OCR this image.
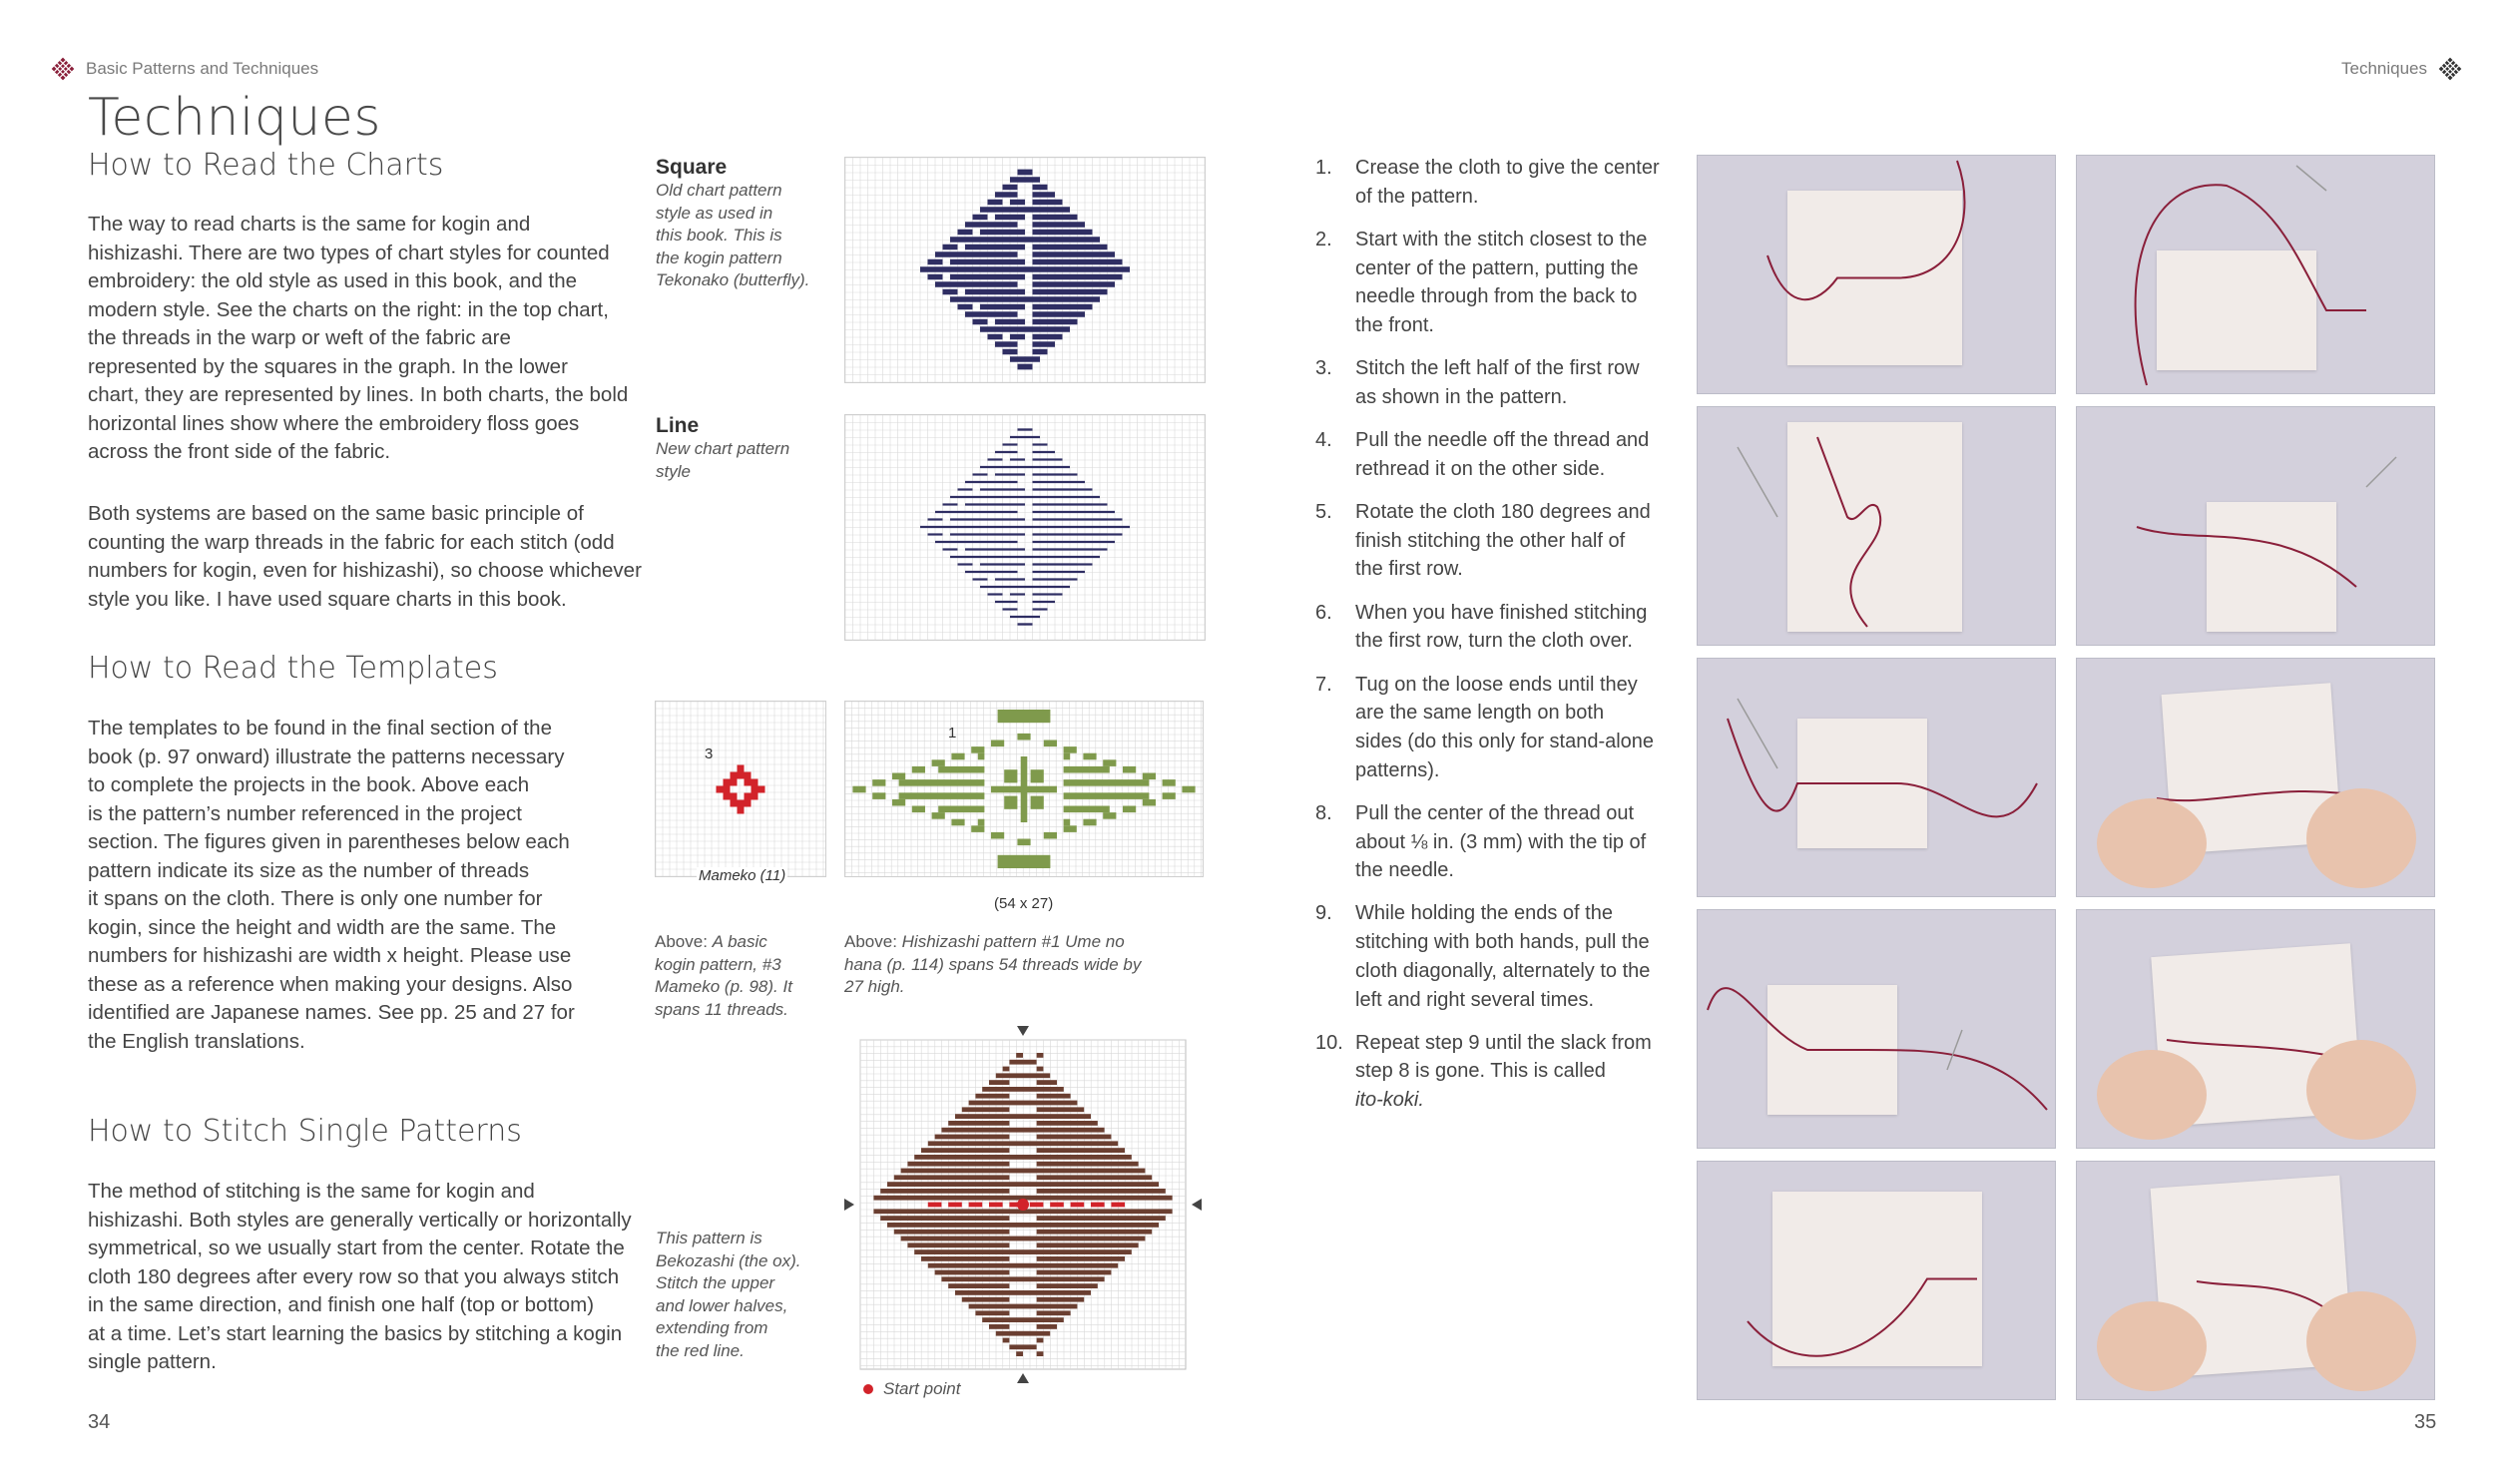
Basic Patterns and Techniques	Techniques
Techniques
How to Read the Charts
The way to read charts is the same for kogin and
hishizashi. There are two types of chart styles for counted
embroidery: the old style as used in this book, and the
modern style. See the charts on the right: in the top chart,
the threads in the warp or weft of the fabric are
represented by the squares in the graph. In the lower
chart, they are represented by lines. In both charts, the bold
horizontal lines show where the embroidery floss goes
across the front side of the fabric.
Both systems are based on the same basic principle of
counting the warp threads in the fabric for each stitch (odd
numbers for kogin, even for hishizashi), so choose whichever
style you like. I have used square charts in this book.
How to Read the Templates
The templates to be found in the final section of the
book (p. 97 onward) illustrate the patterns necessary
to complete the projects in the book. Above each
is the pattern’s number referenced in the project
section. The figures given in parentheses below each
pattern indicate its size as the number of threads
it spans on the cloth. There is only one number for
kogin, since the height and width are the same. The
numbers for hishizashi are width x height. Please use
these as a reference when making your designs. Also
identified are Japanese names. See pp. 25 and 27 for
the English translations.
How to Stitch Single Patterns
The method of stitching is the same for kogin and
hishizashi. Both styles are generally vertically or horizontally
symmetrical, so we usually start from the center. Rotate the
cloth 180 degrees after every row so that you always stitch
in the same direction, and finish one half (top or bottom)
at a time. Let’s start learning the basics by stitching a kogin
single pattern.
Square
Old chart pattern
style as used in
this book. This is
the kogin pattern
Tekonako (butterfly).
Line
New chart pattern
style
3
Mameko (11)
Above: A basic
kogin pattern, #3
Mameko (p. 98). It
spans 11 threads.
1
(54 x 27)
Above: Hishizashi pattern #1 Ume no
hana (p. 114) spans 54 threads wide by
27 high.
This pattern is
Bekozashi (the ox).
Stitch the upper
and lower halves,
extending from
the red line.
Start point
1. Crease the cloth to give the center
of the pattern.
2. Start with the stitch closest to the
center of the pattern, putting the
needle through from the back to
the front.
3. Stitch the left half of the first row
as shown in the pattern.
4. Pull the needle off the thread and
rethread it on the other side.
5. Rotate the cloth 180 degrees and
finish stitching the other half of
the first row.
6. When you have finished stitching
the first row, turn the cloth over.
7. Tug on the loose ends until they
are the same length on both
sides (do this only for stand-alone
patterns).
8. Pull the center of the thread out
about ⅛ in. (3 mm) with the tip of
the needle.
9. While holding the ends of the
stitching with both hands, pull the
cloth diagonally, alternately to the
left and right several times.
10. Repeat step 9 until the slack from
step 8 is gone. This is called
ito-koki.
34	35
